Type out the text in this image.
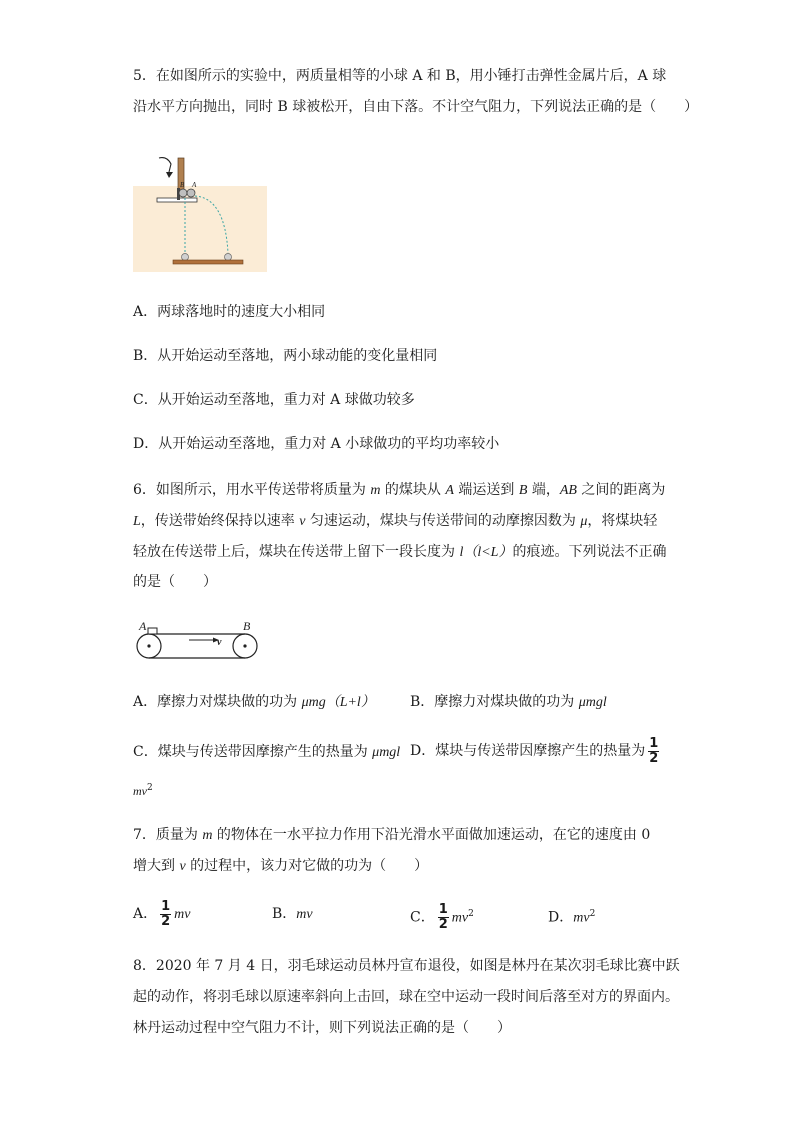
5．在如图所示的实验中，两质量相等的小球 A 和 B，用小锤打击弹性金属片后，A 球
沿水平方向抛出，同时 B 球被松开，自由下落。不计空气阻力，下列说法正确的是（　　）
B A
A．两球落地时的速度大小相同
B．从开始运动至落地，两小球动能的变化量相同
C．从开始运动至落地，重力对 A 球做功较多
D．从开始运动至落地，重力对 A 小球做功的平均功率较小
6．如图所示，用水平传送带将质量为 m 的煤块从 A 端运送到 B 端，AB 之间的距离为
L，传送带始终保持以速率 v 匀速运动，煤块与传送带间的动摩擦因数为 μ，将煤块轻
轻放在传送带上后，煤块在传送带上留下一段长度为 l（l<L）的痕迹。下列说法不正确
的是（　　）
A	B
v
A．摩擦力对煤块做的功为 μmg（L+l）	B．摩擦力对煤块做的功为 μmgl
C．煤块与传送带因摩擦产生的热量为 μmgl D．煤块与传送带因摩擦产生的热量为 $\frac{1}{2}$
$mv^2$
7．质量为 m 的物体在一水平拉力作用下沿光滑水平面做加速运动，在它的速度由 0
增大到 v 的过程中，该力对它做的功为（　　）
A． $\frac{1}{2}$ mv	B．mv	C． $\frac{1}{2} mv^2$	D．$mv^2$
8．2020 年 7 月 4 日，羽毛球运动员林丹宣布退役，如图是林丹在某次羽毛球比赛中跃
起的动作，将羽毛球以原速率斜向上击回，球在空中运动一段时间后落至对方的界面内。
林丹运动过程中空气阻力不计，则下列说法正确的是（　　）
